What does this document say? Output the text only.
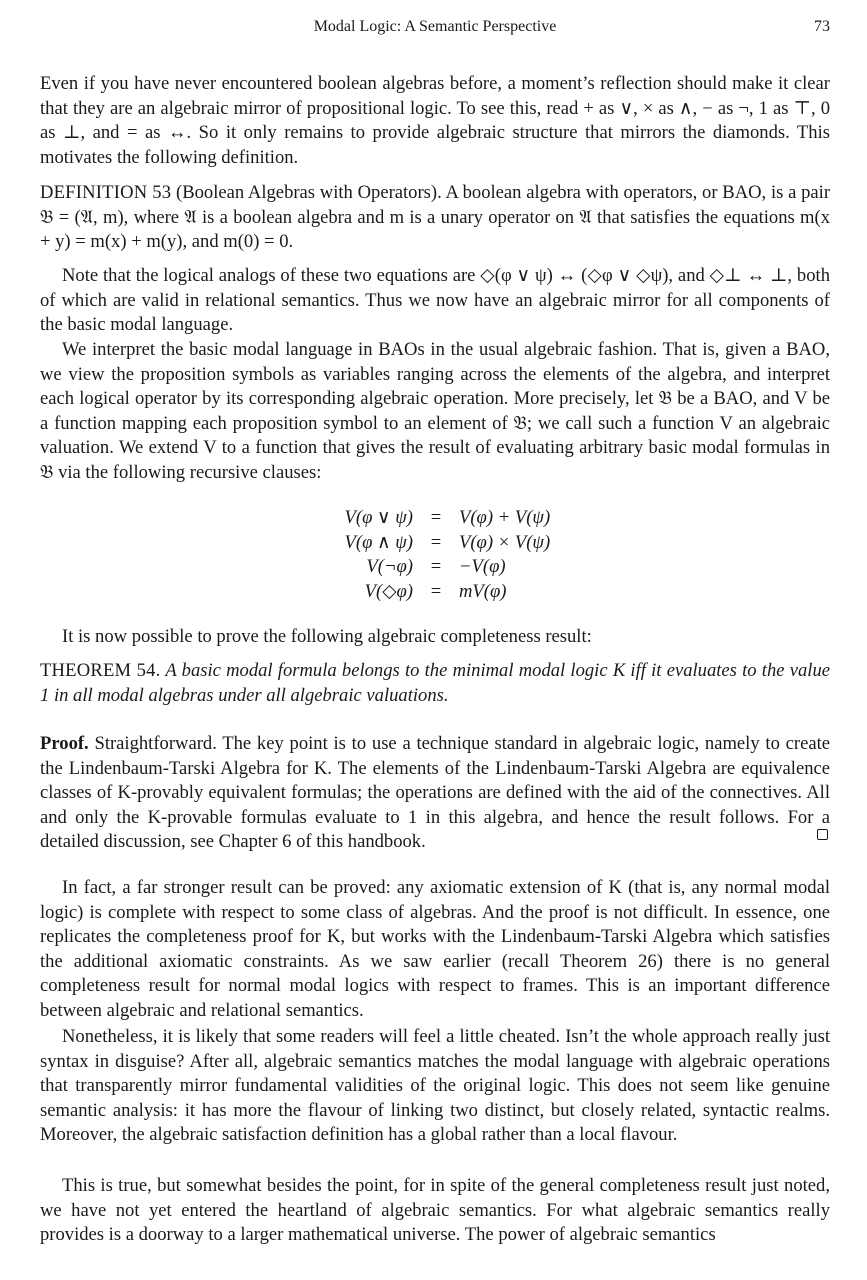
Modal Logic: A Semantic Perspective	73

Even if you have never encountered boolean algebras before, a moment’s reflection should make it clear that they are an algebraic mirror of propositional logic. To see this, read + as ∨, × as ∧, − as ¬, 1 as ⊤, 0 as ⊥, and = as ↔. So it only remains to provide algebraic structure that mirrors the diamonds. This motivates the following definition.

DEFINITION 53 (Boolean Algebras with Operators). A boolean algebra with operators, or BAO, is a pair 𝔅 = (𝔄, m), where 𝔄 is a boolean algebra and m is a unary operator on 𝔄 that satisfies the equations m(x + y) = m(x) + m(y), and m(0) = 0.

Note that the logical analogs of these two equations are ◇(φ ∨ ψ) ↔ (◇φ ∨ ◇ψ), and ◇⊥ ↔ ⊥, both of which are valid in relational semantics. Thus we now have an algebraic mirror for all components of the basic modal language.

We interpret the basic modal language in BAOs in the usual algebraic fashion. That is, given a BAO, we view the proposition symbols as variables ranging across the elements of the algebra, and interpret each logical operator by its corresponding algebraic operation. More precisely, let 𝔅 be a BAO, and V be a function mapping each proposition symbol to an element of 𝔅; we call such a function V an algebraic valuation. We extend V to a function that gives the result of evaluating arbitrary basic modal formulas in 𝔅 via the following recursive clauses:

V(φ ∨ ψ) = V(φ) + V(ψ)
V(φ ∧ ψ) = V(φ) × V(ψ)
V(¬φ) = −V(φ)
V(◇φ) = mV(φ)

It is now possible to prove the following algebraic completeness result:

THEOREM 54. A basic modal formula belongs to the minimal modal logic K iff it evaluates to the value 1 in all modal algebras under all algebraic valuations.

Proof. Straightforward. The key point is to use a technique standard in algebraic logic, namely to create the Lindenbaum-Tarski Algebra for K. The elements of the Lindenbaum-Tarski Algebra are equivalence classes of K-provably equivalent formulas; the operations are defined with the aid of the connectives. All and only the K-provable formulas evaluate to 1 in this algebra, and hence the result follows. For a detailed discussion, see Chapter 6 of this handbook.

In fact, a far stronger result can be proved: any axiomatic extension of K (that is, any normal modal logic) is complete with respect to some class of algebras. And the proof is not difficult. In essence, one replicates the completeness proof for K, but works with the Lindenbaum-Tarski Algebra which satisfies the additional axiomatic constraints. As we saw earlier (recall Theorem 26) there is no general completeness result for normal modal logics with respect to frames. This is an important difference between algebraic and relational semantics.

Nonetheless, it is likely that some readers will feel a little cheated. Isn’t the whole approach really just syntax in disguise? After all, algebraic semantics matches the modal language with algebraic operations that transparently mirror fundamental validities of the original logic. This does not seem like genuine semantic analysis: it has more the flavour of linking two distinct, but closely related, syntactic realms. Moreover, the algebraic satisfaction definition has a global rather than a local flavour.

This is true, but somewhat besides the point, for in spite of the general completeness result just noted, we have not yet entered the heartland of algebraic semantics. For what algebraic semantics really provides is a doorway to a larger mathematical universe. The power of algebraic semantics
